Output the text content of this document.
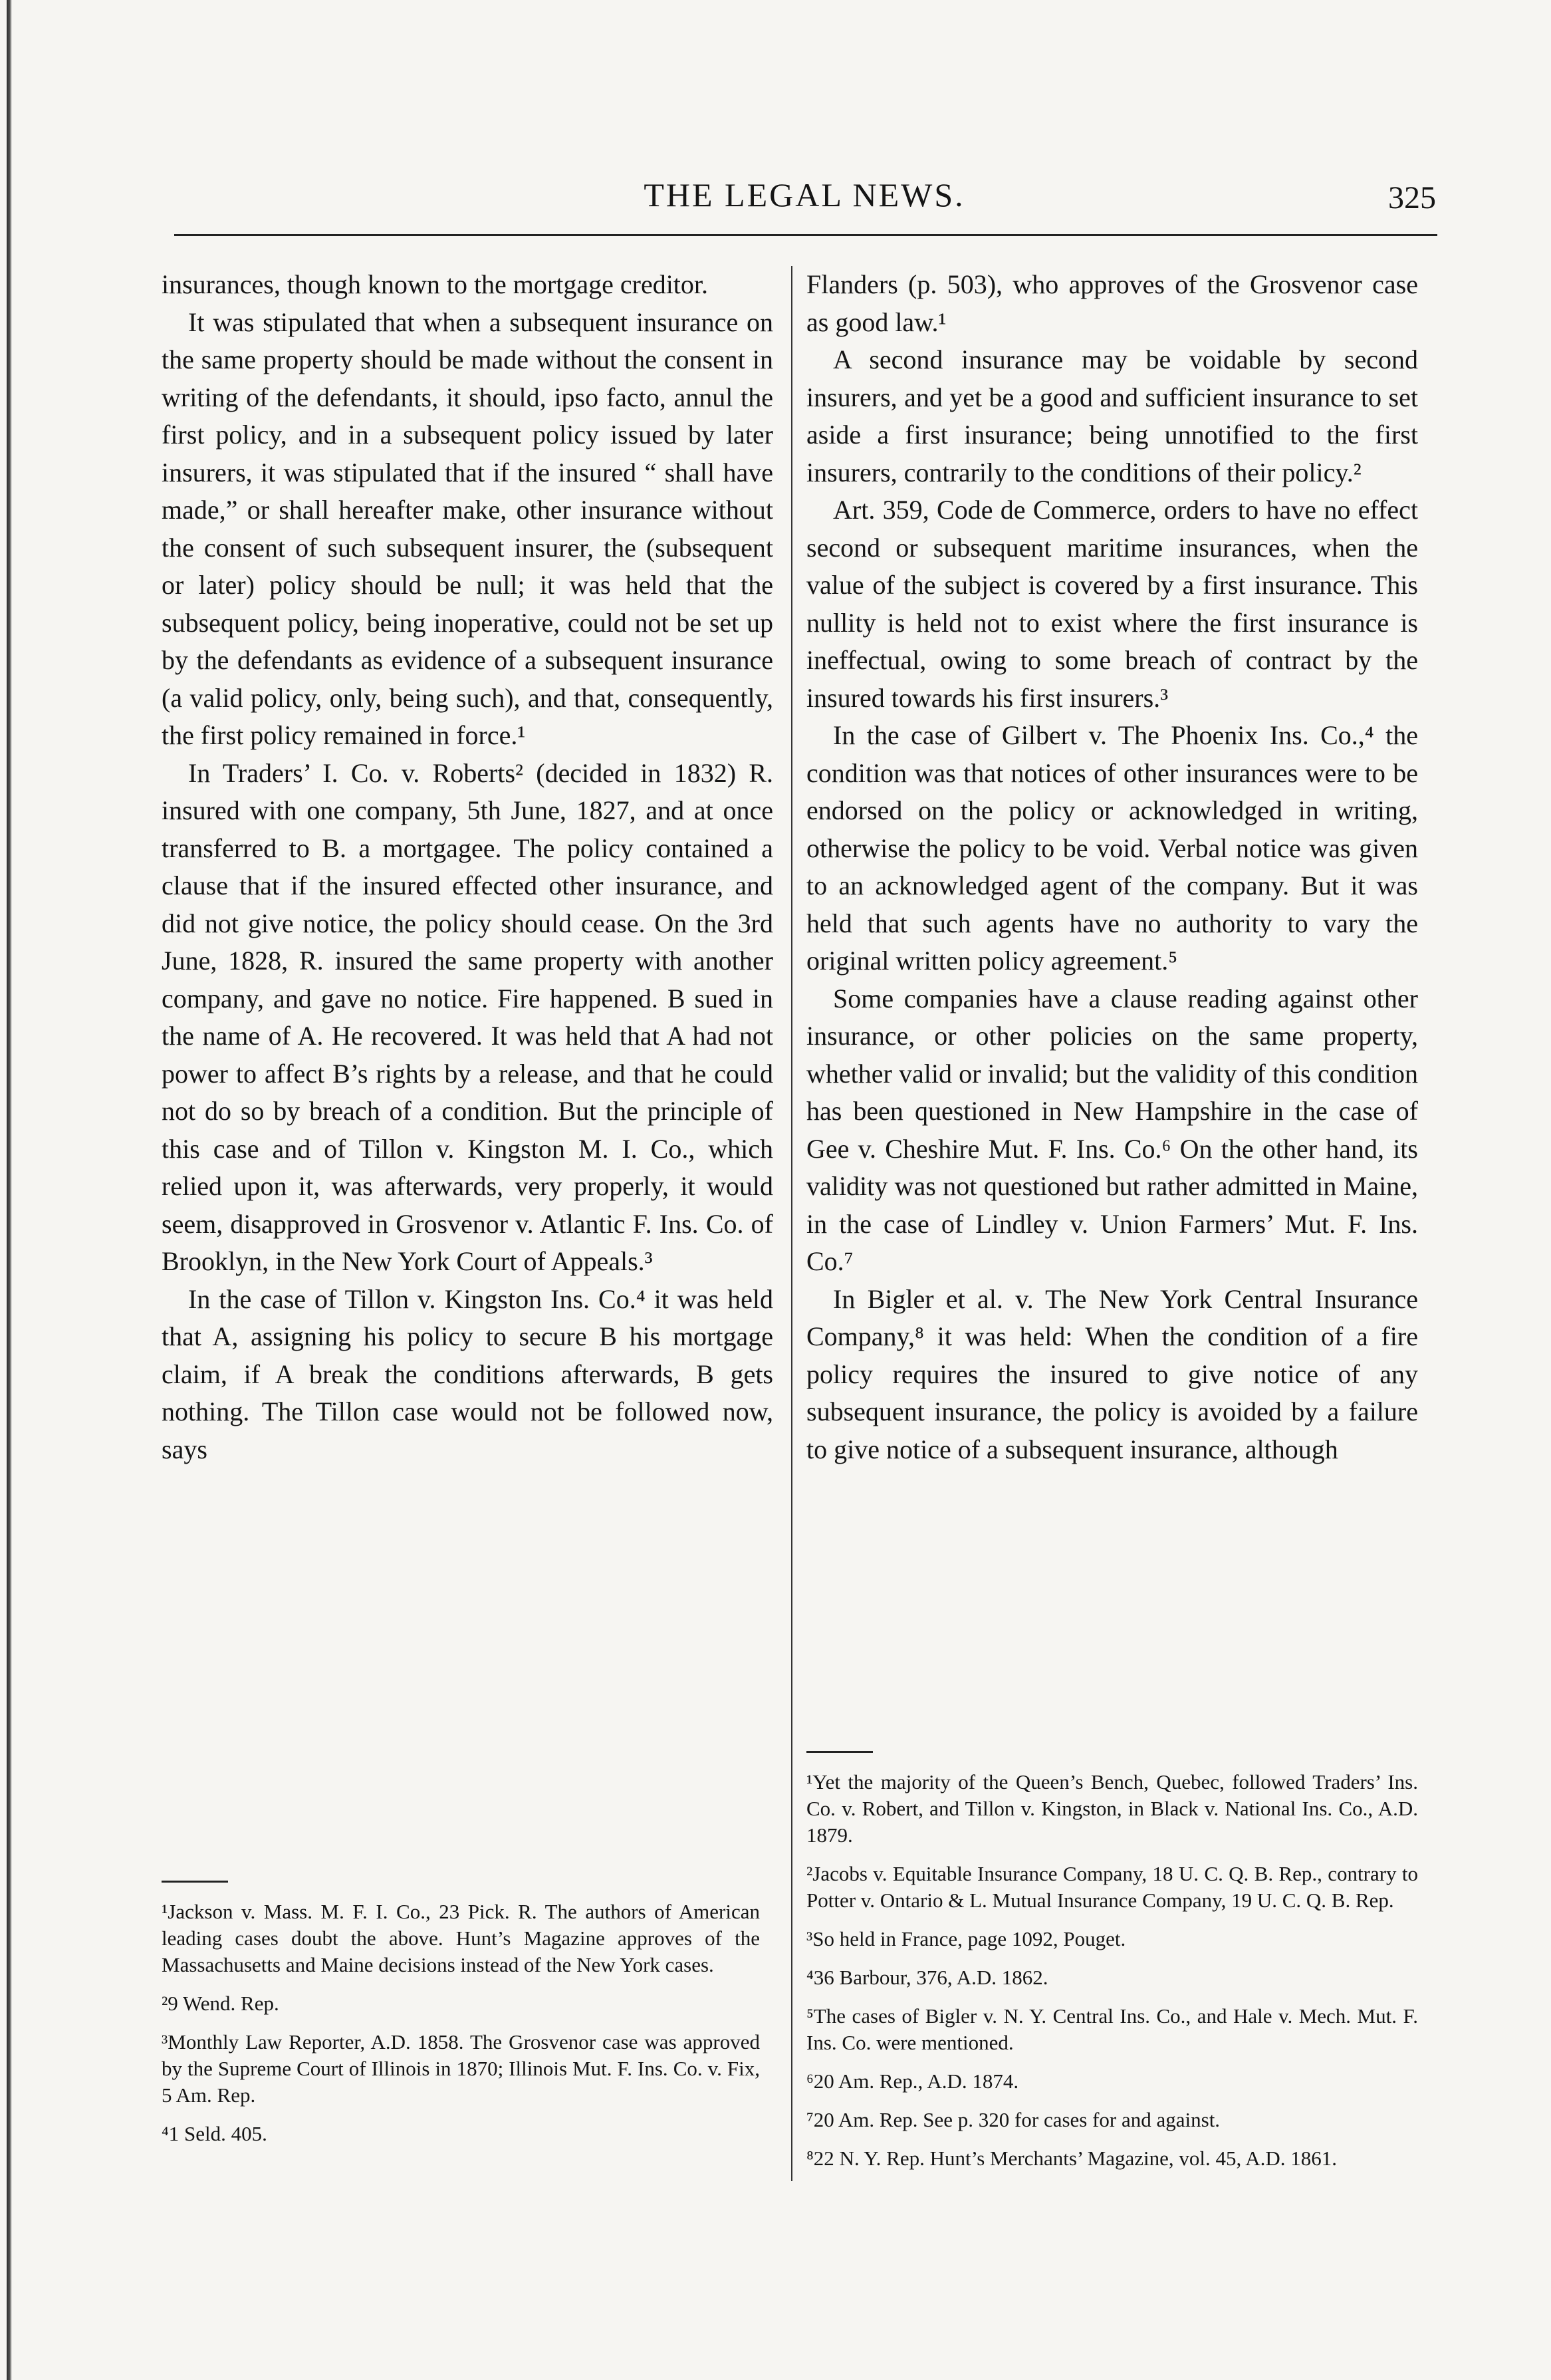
THE LEGAL NEWS.	325

insurances, though known to the mortgage creditor.

It was stipulated that when a subsequent insurance on the same property should be made without the consent in writing of the defendants, it should, ipso facto, annul the first policy, and in a subsequent policy issued by later insurers, it was stipulated that if the insured “ shall have made,” or shall hereafter make, other insurance without the consent of such subsequent insurer, the (subsequent or later) policy should be null; it was held that the subsequent policy, being inoperative, could not be set up by the defendants as evidence of a subsequent insurance (a valid policy, only, being such), and that, consequently, the first policy remained in force.¹

In Traders’ I. Co. v. Roberts² (decided in 1832) R. insured with one company, 5th June, 1827, and at once transferred to B. a mortgagee. The policy contained a clause that if the insured effected other insurance, and did not give notice, the policy should cease. On the 3rd June, 1828, R. insured the same property with another company, and gave no notice. Fire happened. B sued in the name of A. He recovered. It was held that A had not power to affect B’s rights by a release, and that he could not do so by breach of a condition. But the principle of this case and of Tillon v. Kingston M. I. Co., which relied upon it, was afterwards, very properly, it would seem, disapproved in Grosvenor v. Atlantic F. Ins. Co. of Brooklyn, in the New York Court of Appeals.³

In the case of Tillon v. Kingston Ins. Co.⁴ it was held that A, assigning his policy to secure B his mortgage claim, if A break the conditions afterwards, B gets nothing. The Tillon case would not be followed now, says

Flanders (p. 503), who approves of the Grosvenor case as good law.¹

A second insurance may be voidable by second insurers, and yet be a good and sufficient insurance to set aside a first insurance; being unnotified to the first insurers, contrarily to the conditions of their policy.²

Art. 359, Code de Commerce, orders to have no effect second or subsequent maritime insurances, when the value of the subject is covered by a first insurance. This nullity is held not to exist where the first insurance is ineffectual, owing to some breach of contract by the insured towards his first insurers.³

In the case of Gilbert v. The Phoenix Ins. Co.,⁴ the condition was that notices of other insurances were to be endorsed on the policy or acknowledged in writing, otherwise the policy to be void. Verbal notice was given to an acknowledged agent of the company. But it was held that such agents have no authority to vary the original written policy agreement.⁵

Some companies have a clause reading against other insurance, or other policies on the same property, whether valid or invalid; but the validity of this condition has been questioned in New Hampshire in the case of Gee v. Cheshire Mut. F. Ins. Co.⁶ On the other hand, its validity was not questioned but rather admitted in Maine, in the case of Lindley v. Union Farmers’ Mut. F. Ins. Co.⁷

In Bigler et al. v. The New York Central Insurance Company,⁸ it was held: When the condition of a fire policy requires the insured to give notice of any subsequent insurance, the policy is avoided by a failure to give notice of a subsequent insurance, although

¹Jackson v. Mass. M. F. I. Co., 23 Pick. R. The authors of American leading cases doubt the above. Hunt’s Magazine approves of the Massachusetts and Maine decisions instead of the New York cases.

²9 Wend. Rep.

³Monthly Law Reporter, A.D. 1858. The Grosvenor case was approved by the Supreme Court of Illinois in 1870; Illinois Mut. F. Ins. Co. v. Fix, 5 Am. Rep.

⁴1 Seld. 405.

¹Yet the majority of the Queen’s Bench, Quebec, followed Traders’ Ins. Co. v. Robert, and Tillon v. Kingston, in Black v. National Ins. Co., A.D. 1879.

²Jacobs v. Equitable Insurance Company, 18 U. C. Q. B. Rep., contrary to Potter v. Ontario & L. Mutual Insurance Company, 19 U. C. Q. B. Rep.

³So held in France, page 1092, Pouget.

⁴36 Barbour, 376, A.D. 1862.

⁵The cases of Bigler v. N. Y. Central Ins. Co., and Hale v. Mech. Mut. F. Ins. Co. were mentioned.

⁶20 Am. Rep., A.D. 1874.

⁷20 Am. Rep. See p. 320 for cases for and against.

⁸22 N. Y. Rep. Hunt’s Merchants’ Magazine, vol. 45, A.D. 1861.
